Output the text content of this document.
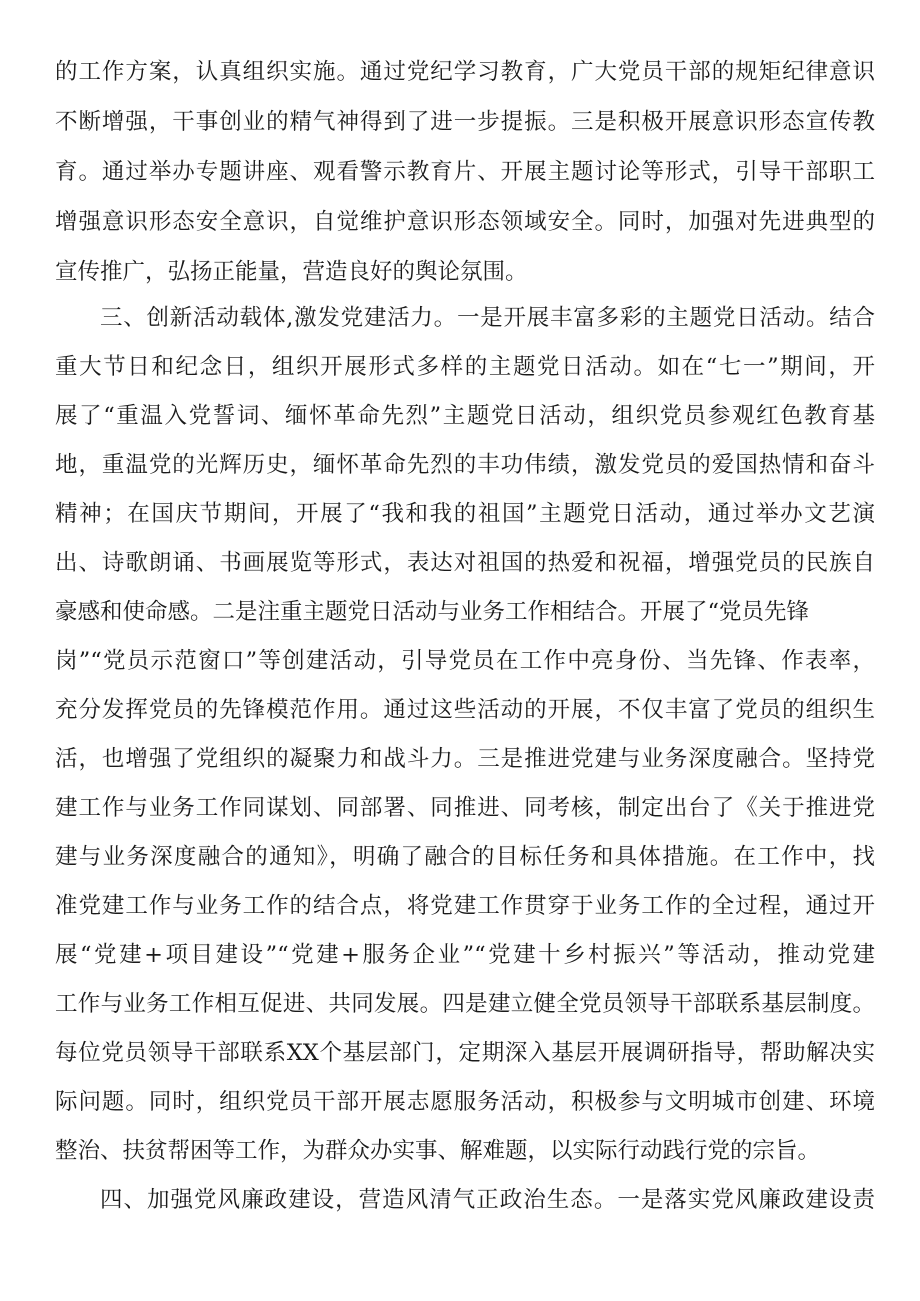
的工作方案，认真组织实施。通过党纪学习教育，广大党员干部的规矩纪律意识
不断增强，干事创业的精气神得到了进一步提振。三是积极开展意识形态宣传教
育。通过举办专题讲座、观看警示教育片、开展主题讨论等形式，引导干部职工
增强意识形态安全意识，自觉维护意识形态领域安全。同时，加强对先进典型的
宣传推广，弘扬正能量，营造良好的舆论氛围。
三、创新活动载体,激发党建活力。一是开展丰富多彩的主题党日活动。结合
重大节日和纪念日，组织开展形式多样的主题党日活动。如在“七一”期间，开
展了“重温入党誓词、缅怀革命先烈”主题党日活动，组织党员参观红色教育基
地，重温党的光辉历史，缅怀革命先烈的丰功伟绩，激发党员的爱国热情和奋斗
精神；在国庆节期间，开展了“我和我的祖国”主题党日活动，通过举办文艺演
出、诗歌朗诵、书画展览等形式，表达对祖国的热爱和祝福，增强党员的民族自
豪感和使命感。二是注重主题党日活动与业务工作相结合。开展了“党员先锋
岗”“党员示范窗口”等创建活动，引导党员在工作中亮身份、当先锋、作表率，
充分发挥党员的先锋模范作用。通过这些活动的开展，不仅丰富了党员的组织生
活，也增强了党组织的凝聚力和战斗力。三是推进党建与业务深度融合。坚持党
建工作与业务工作同谋划、同部署、同推进、同考核，制定出台了《关于推进党
建与业务深度融合的通知》，明确了融合的目标任务和具体措施。在工作中，找
准党建工作与业务工作的结合点，将党建工作贯穿于业务工作的全过程，通过开
展“党建+项目建设”“党建+服务企业”“党建十乡村振兴”等活动，推动党建
工作与业务工作相互促进、共同发展。四是建立健全党员领导干部联系基层制度。
每位党员领导干部联系XX个基层部门，定期深入基层开展调研指导，帮助解决实
际问题。同时，组织党员干部开展志愿服务活动，积极参与文明城市创建、环境
整治、扶贫帮困等工作，为群众办实事、解难题，以实际行动践行党的宗旨。
四、加强党风廉政建设，营造风清气正政治生态。一是落实党风廉政建设责
